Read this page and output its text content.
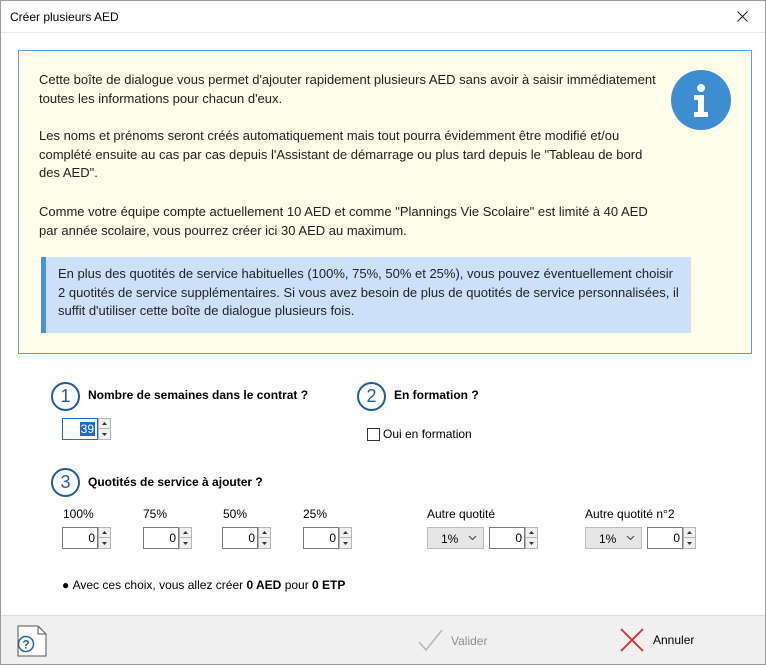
Créer plusieurs AED
Cette boîte de dialogue vous permet d'ajouter rapidement plusieurs AED sans avoir à saisir immédiatement toutes les informations pour chacun d'eux.
Les noms et prénoms seront créés automatiquement mais tout pourra évidemment être modifié et/ou complété ensuite au cas par cas depuis l'Assistant de démarrage ou plus tard depuis le "Tableau de bord des AED".
Comme votre équipe compte actuellement 10 AED et comme "Plannings Vie Scolaire" est limité à 40 AED par année scolaire, vous pourrez créer ici 30 AED au maximum.
En plus des quotités de service habituelles (100%, 75%, 50% et 25%), vous pouvez éventuellement choisir 2 quotités de service supplémentaires. Si vous avez besoin de plus de quotités de service personnalisées, il suffit d'utiliser cette boîte de dialogue plusieurs fois.
1	Nombre de semaines dans le contrat ?
39
2	En formation ?
Oui en formation
3	Quotités de service à ajouter ?
100%
0
75%
0
50%
0
25%
0
Autre quotité
1%	0
Autre quotité n°2
1%	0
● Avec ces choix, vous allez créer 0 AED pour 0 ETP
?	Valider	Annuler
